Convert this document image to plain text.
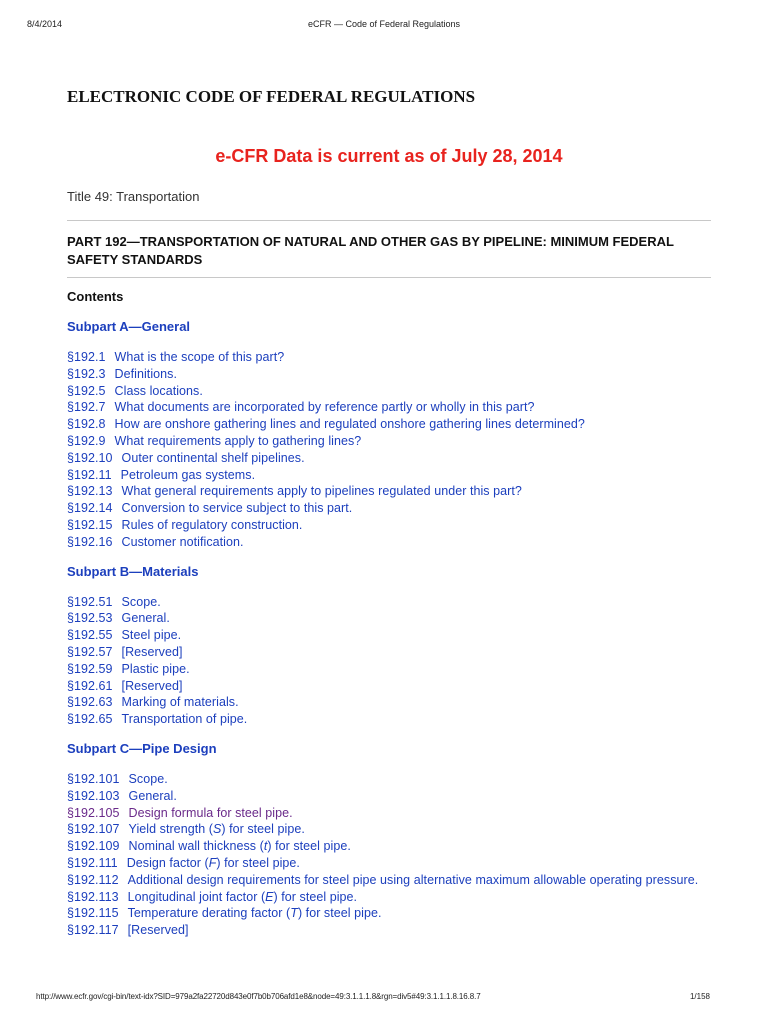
8/4/2014	eCFR — Code of Federal Regulations
ELECTRONIC CODE OF FEDERAL REGULATIONS
e-CFR Data is current as of July 28, 2014
Title 49: Transportation
PART 192—TRANSPORTATION OF NATURAL AND OTHER GAS BY PIPELINE: MINIMUM FEDERAL SAFETY STANDARDS
Contents
Subpart A—General
§192.1 What is the scope of this part?
§192.3 Definitions.
§192.5 Class locations.
§192.7 What documents are incorporated by reference partly or wholly in this part?
§192.8 How are onshore gathering lines and regulated onshore gathering lines determined?
§192.9 What requirements apply to gathering lines?
§192.10 Outer continental shelf pipelines.
§192.11 Petroleum gas systems.
§192.13 What general requirements apply to pipelines regulated under this part?
§192.14 Conversion to service subject to this part.
§192.15 Rules of regulatory construction.
§192.16 Customer notification.
Subpart B—Materials
§192.51 Scope.
§192.53 General.
§192.55 Steel pipe.
§192.57 [Reserved]
§192.59 Plastic pipe.
§192.61 [Reserved]
§192.63 Marking of materials.
§192.65 Transportation of pipe.
Subpart C—Pipe Design
§192.101 Scope.
§192.103 General.
§192.105 Design formula for steel pipe.
§192.107 Yield strength (S) for steel pipe.
§192.109 Nominal wall thickness (t) for steel pipe.
§192.111 Design factor (F) for steel pipe.
§192.112 Additional design requirements for steel pipe using alternative maximum allowable operating pressure.
§192.113 Longitudinal joint factor (E) for steel pipe.
§192.115 Temperature derating factor (T) for steel pipe.
§192.117 [Reserved]
http://www.ecfr.gov/cgi-bin/text-idx?SID=979a2fa22720d843e0f7b0b706afd1e8&node=49:3.1.1.1.8&rgn=div5#49:3.1.1.1.8.16.8.7	1/158
